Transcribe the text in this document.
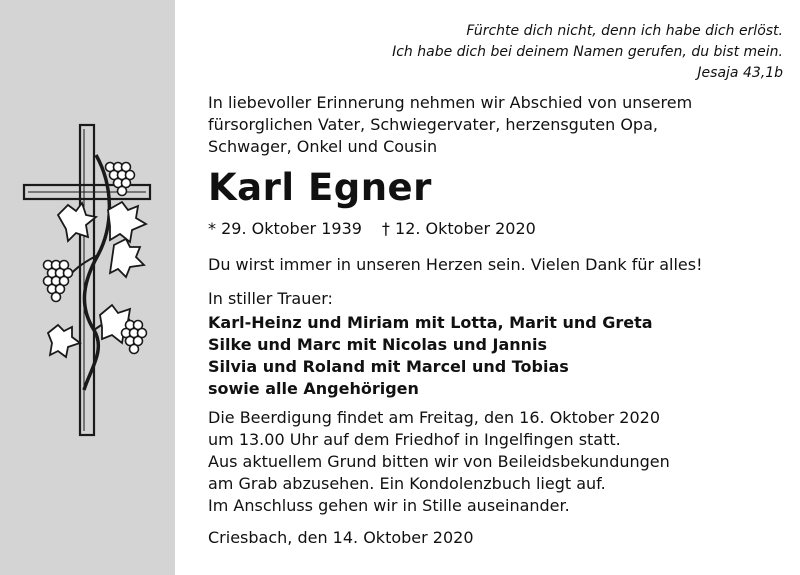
Fürchte dich nicht, denn ich habe dich erlöst.
Ich habe dich bei deinem Namen gerufen, du bist mein.
Jesaja 43,1b
In liebevoller Erinnerung nehmen wir Abschied von unserem
fürsorglichen Vater, Schwiegervater, herzensguten Opa,
Schwager, Onkel und Cousin
Karl Egner
* 29. Oktober 1939 † 12. Oktober 2020
Du wirst immer in unseren Herzen sein. Vielen Dank für alles!
In stiller Trauer:
Karl-Heinz und Miriam mit Lotta, Marit und Greta
Silke und Marc mit Nicolas und Jannis
Silvia und Roland mit Marcel und Tobias
sowie alle Angehörigen
Die Beerdigung findet am Freitag, den 16. Oktober 2020
um 13.00 Uhr auf dem Friedhof in Ingelfingen statt.
Aus aktuellem Grund bitten wir von Beileidsbekundungen
am Grab abzusehen. Ein Kondolenzbuch liegt auf.
Im Anschluss gehen wir in Stille auseinander.
Criesbach, den 14. Oktober 2020
